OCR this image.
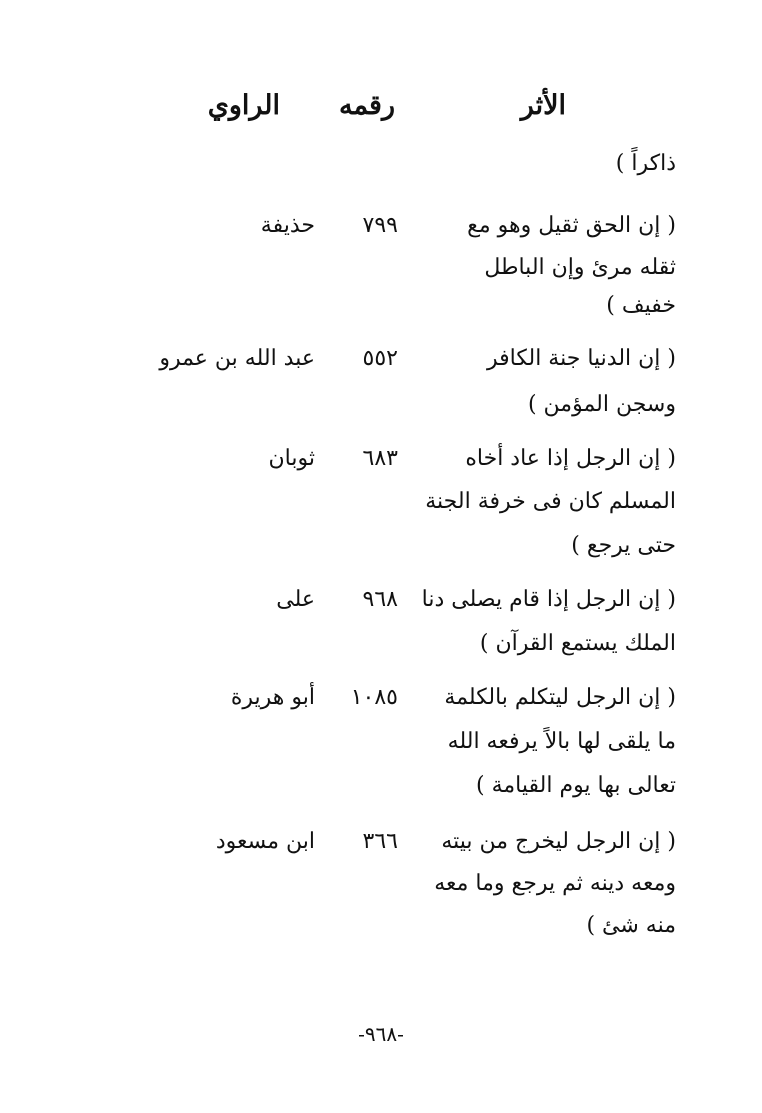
الأثر
رقمه
الراوي
ذاكراً )
( إن الحق ثقيل وهو مع
٧٩٩
حذيفة
ثقله مرئ وإن الباطل
خفيف )
( إن الدنيا جنة الكافر
٥٥٢
عبد الله بن عمرو
وسجن المؤمن )
( إن الرجل إذا عاد أخاه
٦٨٣
ثوبان
المسلم كان فى خرفة الجنة
حتى يرجع )
( إن الرجل إذا قام يصلى دنا
٩٦٨
على
الملك يستمع القرآن )
( إن الرجل ليتكلم بالكلمة
١٠٨٥
أبو هريرة
ما يلقى لها بالاً يرفعه الله
تعالى بها يوم القيامة )
( إن الرجل ليخرج من بيته
٣٦٦
ابن مسعود
ومعه دينه ثم يرجع وما معه
منه شئ )
-٩٦٨-
